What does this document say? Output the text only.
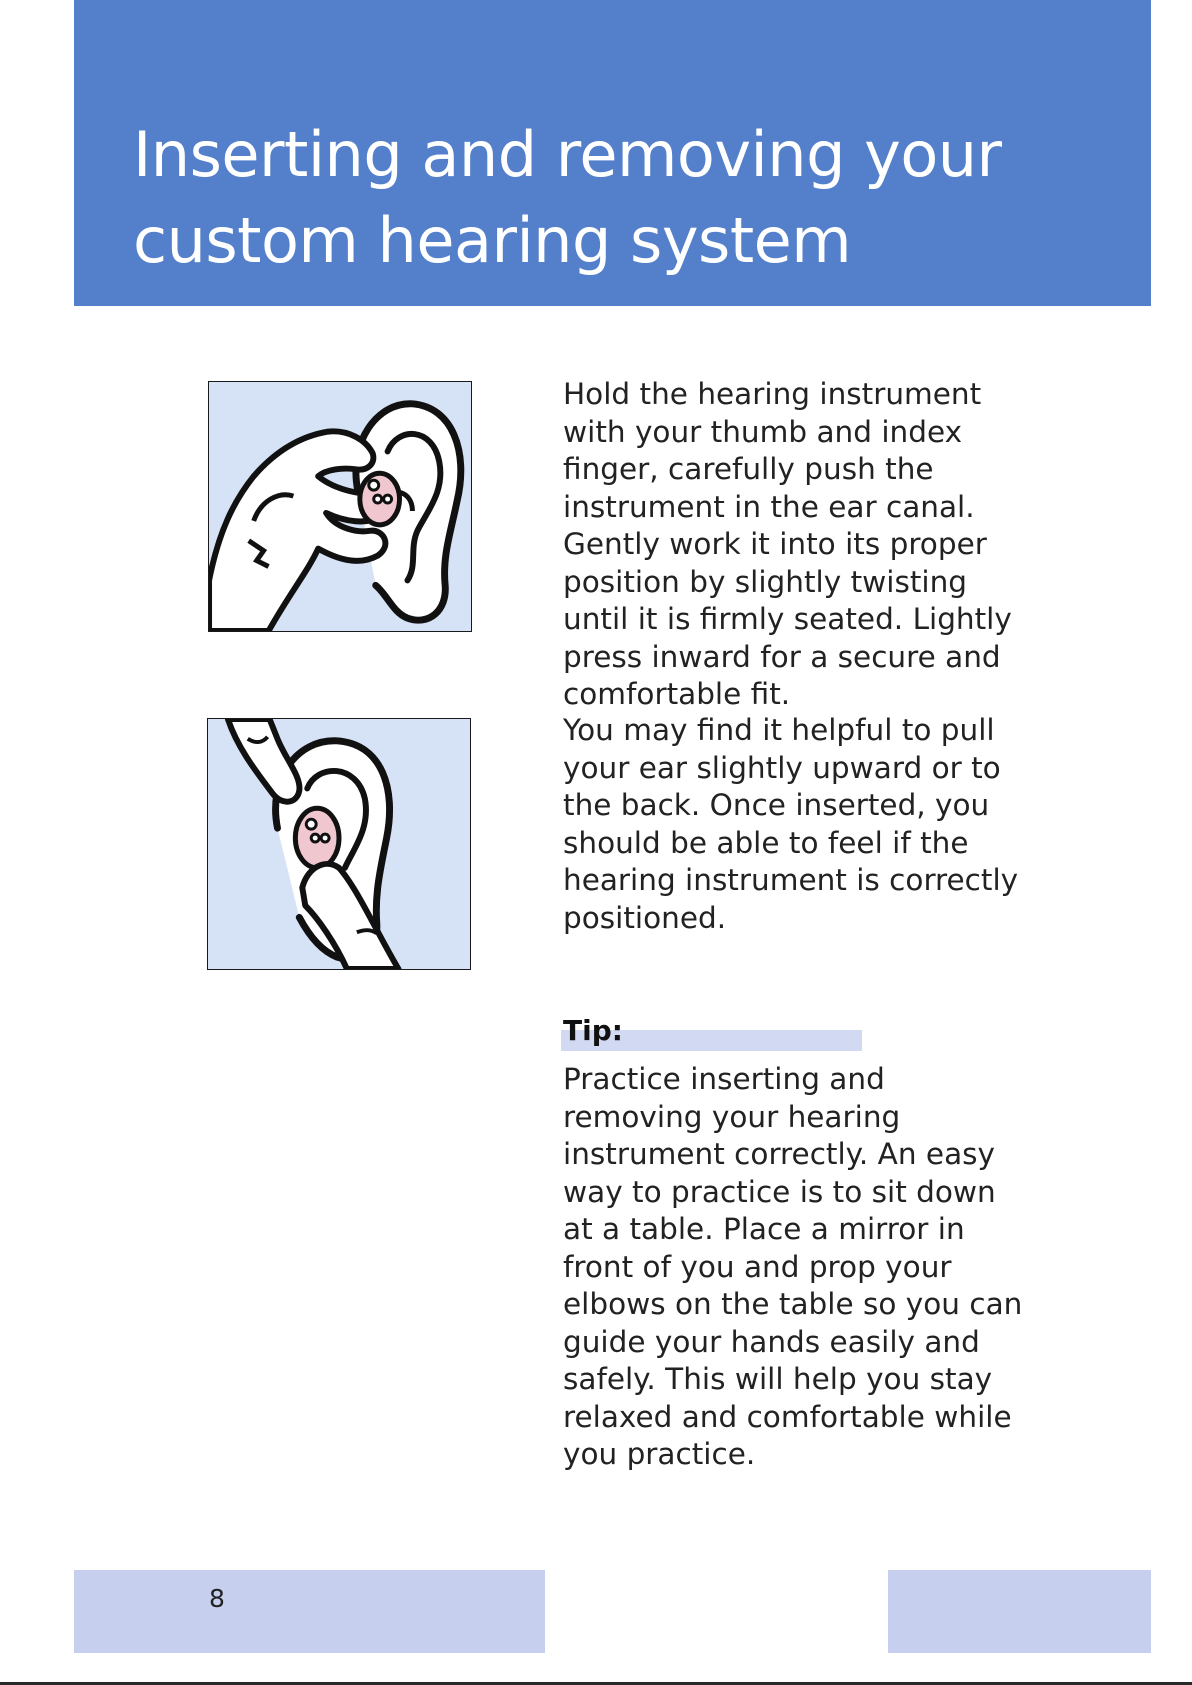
Inserting and removing your
custom hearing system

Hold the hearing instrument with your thumb and index finger, carefully push the instrument in the ear canal. Gently work it into its proper position by slightly twisting until it is firmly seated. Lightly press inward for a secure and comfortable fit.

You may find it helpful to pull your ear slightly upward or to the back. Once inserted, you should be able to feel if the hearing instrument is correctly positioned.

Tip:

Practice inserting and removing your hearing instrument correctly. An easy way to practice is to sit down at a table. Place a mirror in front of you and prop your elbows on the table so you can guide your hands easily and safely. This will help you stay relaxed and comfortable while you practice.

8
